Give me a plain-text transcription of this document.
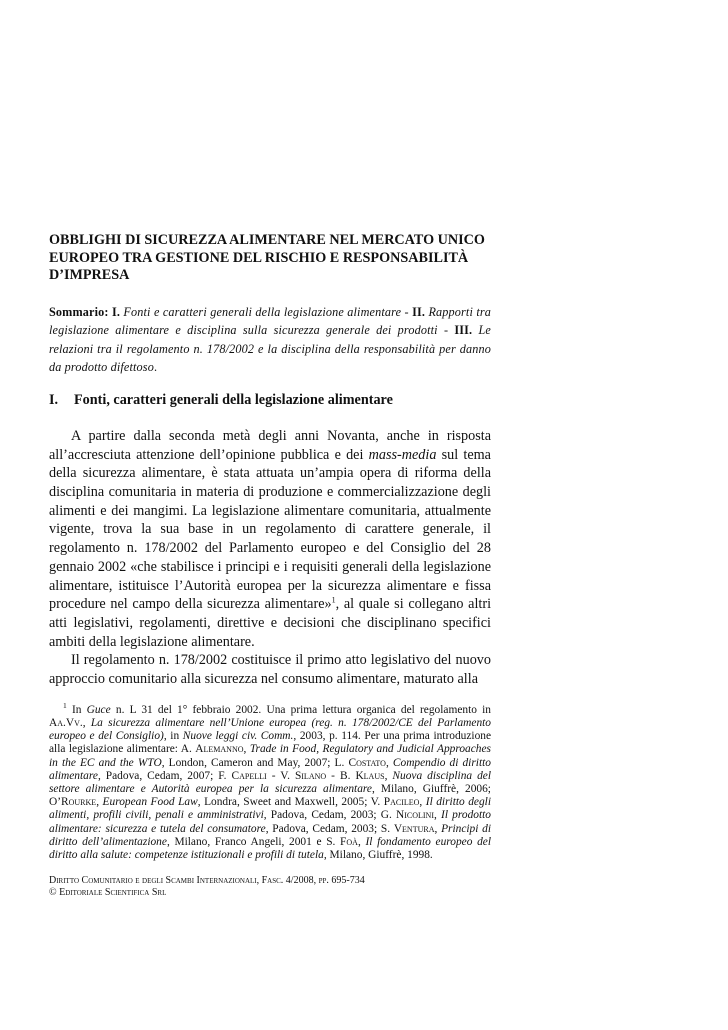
OBBLIGHI DI SICUREZZA ALIMENTARE NEL MERCATO UNICO
EUROPEO TRA GESTIONE DEL RISCHIO E RESPONSABILITÀ
D’IMPRESA
Sommario: I. Fonti e caratteri generali della legislazione alimentare - II. Rapporti tra legislazione alimentare e disciplina sulla sicurezza generale dei prodotti - III. Le relazioni tra il regolamento n. 178/2002 e la disciplina della responsabilità per danno da prodotto difettoso.
I.	Fonti, caratteri generali della legislazione alimentare

A partire dalla seconda metà degli anni Novanta, anche in risposta all’accresciuta attenzione dell’opinione pubblica e dei mass-media sul tema della sicurezza alimentare, è stata attuata un’ampia opera di riforma della disciplina comunitaria in materia di produzione e commercializzazione degli alimenti e dei mangimi. La legislazione alimentare comunitaria, attualmente vigente, trova la sua base in un regolamento di carattere generale, il regolamento n. 178/2002 del Parlamento europeo e del Consiglio del 28 gennaio 2002 «che stabilisce i principi e i requisiti generali della legislazione alimentare, istituisce l’Autorità europea per la sicurezza alimentare e fissa procedure nel campo della sicurezza alimentare»$^1$, al quale si collegano altri atti legislativi, regolamenti, direttive e decisioni che disciplinano specifici ambiti della legislazione alimentare.

Il regolamento n. 178/2002 costituisce il primo atto legislativo del nuovo approccio comunitario alla sicurezza nel consumo alimentare, maturato alla

$^1$ In Guce n. L 31 del 1° febbraio 2002. Una prima lettura organica del regolamento in Aa.Vv., La sicurezza alimentare nell’Unione europea (reg. n. 178/2002/CE del Parlamento europeo e del Consiglio), in Nuove leggi civ. Comm., 2003, p. 114. Per una prima introduzione alla legislazione alimentare: A. Alemanno, Trade in Food, Regulatory and Judicial Approaches in the EC and the WTO, London, Cameron and May, 2007; L. Costato, Compendio di diritto alimentare, Padova, Cedam, 2007; F. Capelli - V. Silano - B. Klaus, Nuova disciplina del settore alimentare e Autorità europea per la sicurezza alimentare, Milano, Giuffrè, 2006; O’Rourke, European Food Law, Londra, Sweet and Maxwell, 2005; V. Pacileo, Il diritto degli alimenti, profili civili, penali e amministrativi, Padova, Cedam, 2003; G. Nicolini, Il prodotto alimentare: sicurezza e tutela del consumatore, Padova, Cedam, 2003; S. Ventura, Principi di diritto dell’alimentazione, Milano, Franco Angeli, 2001 e S. Foà, Il fondamento europeo del diritto alla salute: competenze istituzionali e profili di tutela, Milano, Giuffrè, 1998.

Diritto Comunitario e degli Scambi Internazionali, Fasc. 4/2008, pp. 695-734
© Editoriale Scientifica Srl
